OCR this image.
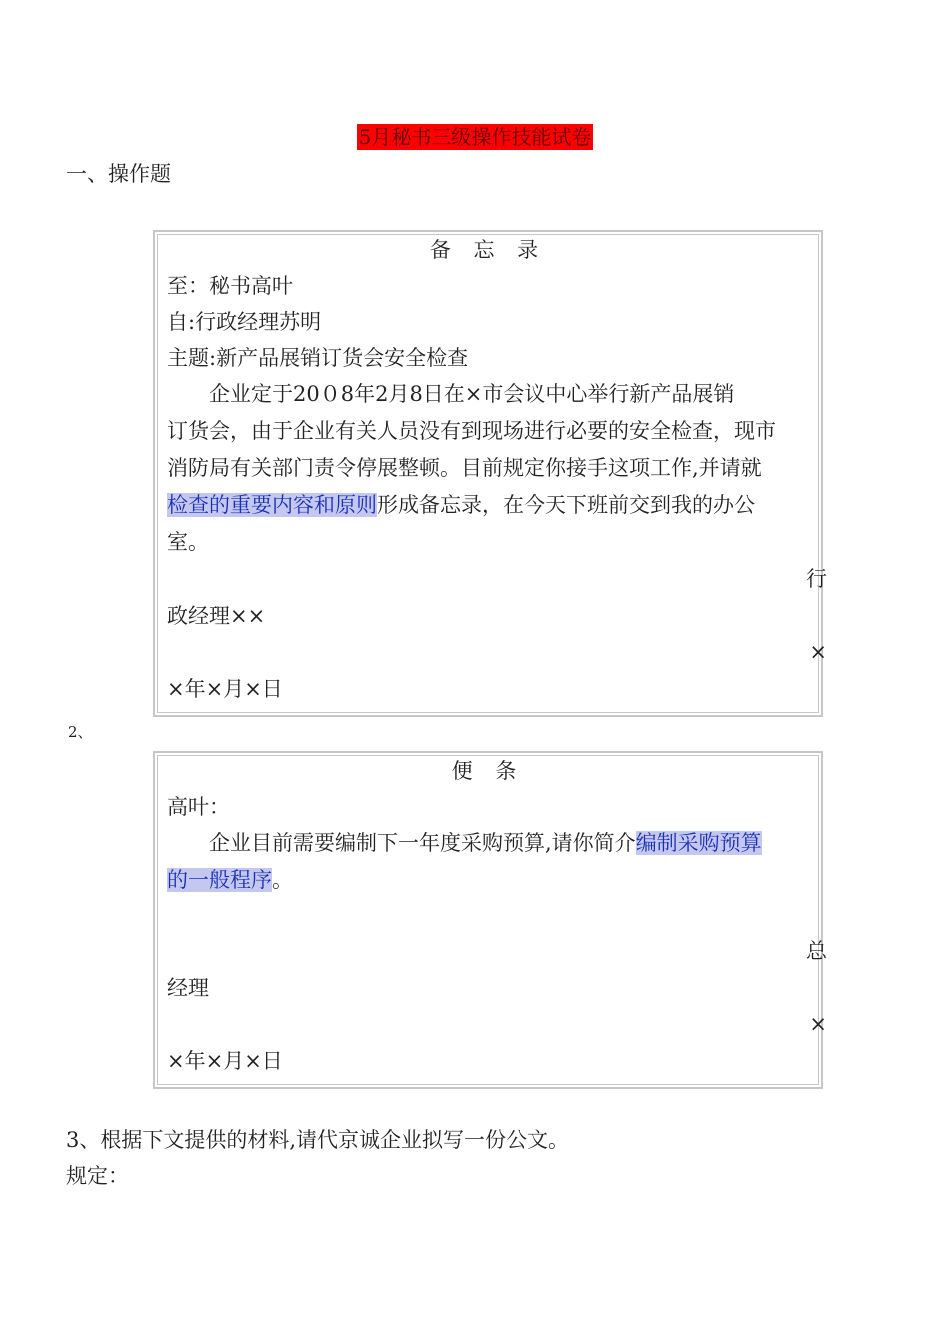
5月秘书三级操作技能试卷
一、操作题
备 忘 录
至：秘书高叶
自:行政经理苏明
主题:新产品展销订货会安全检查
企业定于20０8年2月8日在×市会议中心举行新产品展销
订货会，由于企业有关人员没有到现场进行必要的安全检查，现市
消防局有关部门责令停展整顿。目前规定你接手这项工作,并请就
检查的重要内容和原则形成备忘录，在今天下班前交到我的办公
室。
行
政经理××
×
×年×月×日
2、
便 条
高叶：
企业目前需要编制下一年度采购预算,请你简介编制采购预算
的一般程序。
总
经理
×
×年×月×日
3、根据下文提供的材料,请代京诚企业拟写一份公文。
规定：
